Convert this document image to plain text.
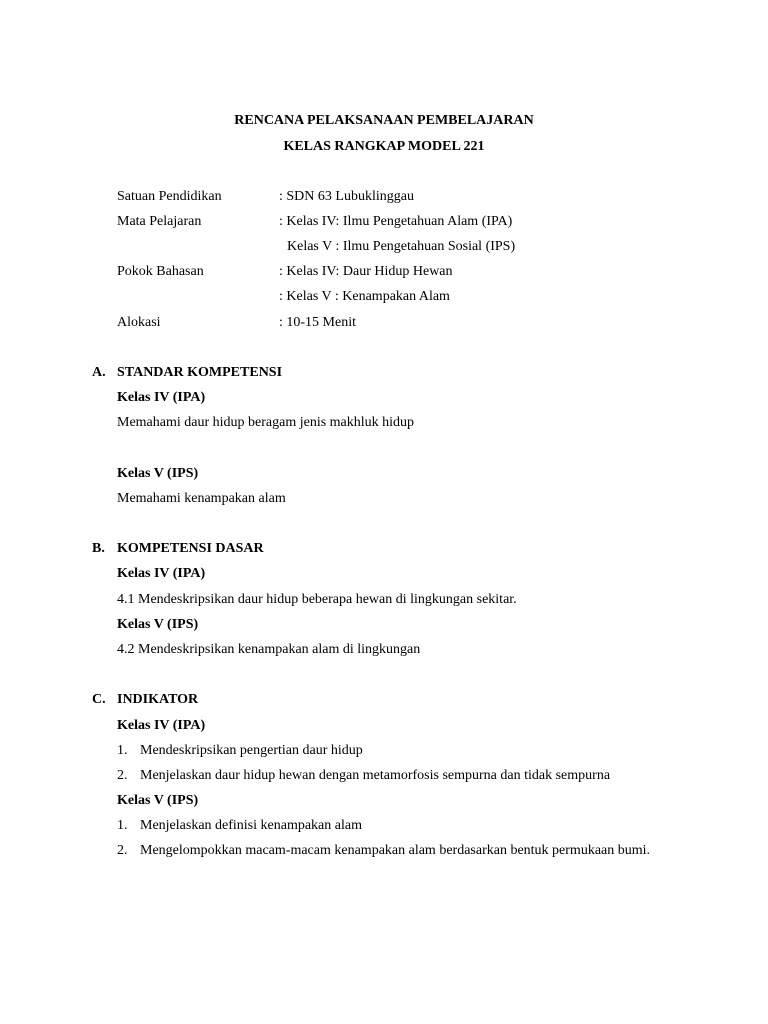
RENCANA PELAKSANAAN PEMBELAJARAN
KELAS RANGKAP MODEL 221
Satuan Pendidikan	: SDN 63 Lubuklinggau
Mata Pelajaran	: Kelas IV: Ilmu Pengetahuan Alam (IPA)
Kelas V : Ilmu Pengetahuan Sosial (IPS)
Pokok Bahasan	: Kelas IV: Daur Hidup Hewan
: Kelas V : Kenampakan Alam
Alokasi	: 10-15 Menit
A. STANDAR KOMPETENSI
Kelas IV (IPA)
Memahami daur hidup beragam jenis makhluk hidup
Kelas V (IPS)
Memahami kenampakan alam
B. KOMPETENSI DASAR
Kelas IV (IPA)
4.1 Mendeskripsikan daur hidup beberapa hewan di lingkungan sekitar.
Kelas V (IPS)
4.2 Mendeskripsikan kenampakan alam di lingkungan
C. INDIKATOR
Kelas IV (IPA)
1. Mendeskripsikan pengertian daur hidup
2. Menjelaskan daur hidup hewan dengan metamorfosis sempurna dan tidak sempurna
Kelas V (IPS)
1. Menjelaskan definisi kenampakan alam
2. Mengelompokkan macam-macam kenampakan alam berdasarkan bentuk permukaan bumi.
